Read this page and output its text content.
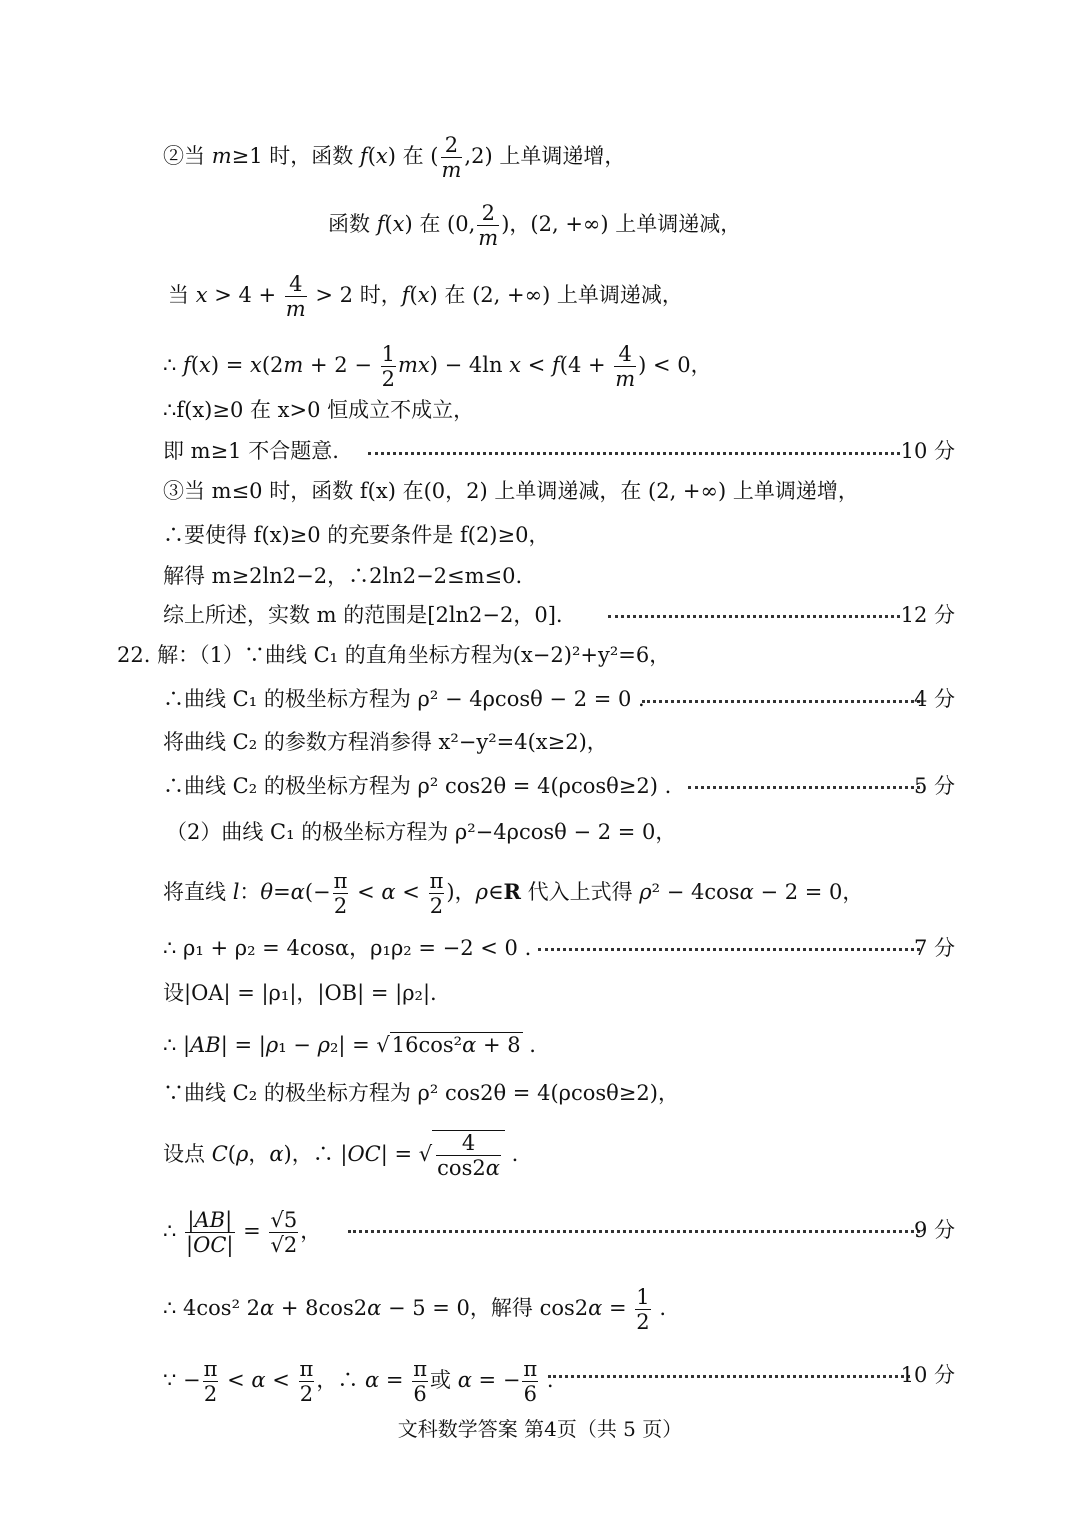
②当 m≥1 时，函数 f(x) 在 ( $\frac{2}{m} ,2$) 上单调递增，
函数 f(x) 在 (0, $\frac{2}{m}$ )，(2, +∞) 上单调递减，
当 $x > 4 + \frac{4}{m} > 2$ 时，f(x) 在 (2, +∞) 上单调递减，
∴ $f(x) = x(2m + 2 - \frac{1}{2} mx) - 4\ln$ $x < f(4 + \frac{4}{m}$ ) < 0，
∴f(x)≥0 在 x>0 恒成立不成立，
即 m≥1 不合题意.	10 分
③当 m≤0 时，函数 f(x) 在(0，2) 上单调递减，在 (2, +∞) 上单调递增，
∴要使得 f(x)≥0 的充要条件是 f(2)≥0，
解得 m≥2ln2−2，∴2ln2−2≤m≤0.
综上所述，实数 m 的范围是[2ln2−2，0].	12 分
22. 解：（1）∵曲线 C₁ 的直角坐标方程为(x−2)²+y²=6，
∴曲线 C₁ 的极坐标方程为 ρ² − 4ρcosθ − 2 = 0 .	4 分
将曲线 C₂ 的参数方程消参得 x²−y²=4(x≥2)，
∴曲线 C₂ 的极坐标方程为 ρ² cos2θ = 4(ρcosθ≥2) .	5 分
（2）曲线 C₁ 的极坐标方程为 ρ²−4ρcosθ − 2 = 0，
将直线 l：$\theta=\alpha(- \frac{\pi}{2} < \alpha < \frac{\pi}{2}$ )，ρ∈R 代入上式得 ρ² − 4cosα − 2 = 0，
∴ ρ₁ + ρ₂ = 4cosα，ρ₁ρ₂ = −2 < 0 .	7 分
设|OA| = |ρ₁|，|OB| = |ρ₂|.
∴ |AB| = |ρ₁ − ρ₂| = √16cos²α + 8 .
∵曲线 C₂ 的极坐标方程为 ρ² cos2θ = 4(ρcosθ≥2)，
设点 C(ρ，α)，∴ |OC| = √ $\frac{4}{\cos 2\alpha}$ .
∴ $\frac{|AB|}{|OC|} = \frac{√5}{√2}$ ，	9 分
∴ 4cos² 2α + 8cos2α − 5 = 0，解得 $\cos 2\alpha = \frac{1}{2}$ .
∵ − $\frac{\pi}{2} < \alpha < \frac{\pi}{2}$ ，∴ $\alpha = \frac{\pi}{6}$ 或 α = − $\frac{\pi}{6}$ .	10 分
文科数学答案 第4页（共 5 页）
